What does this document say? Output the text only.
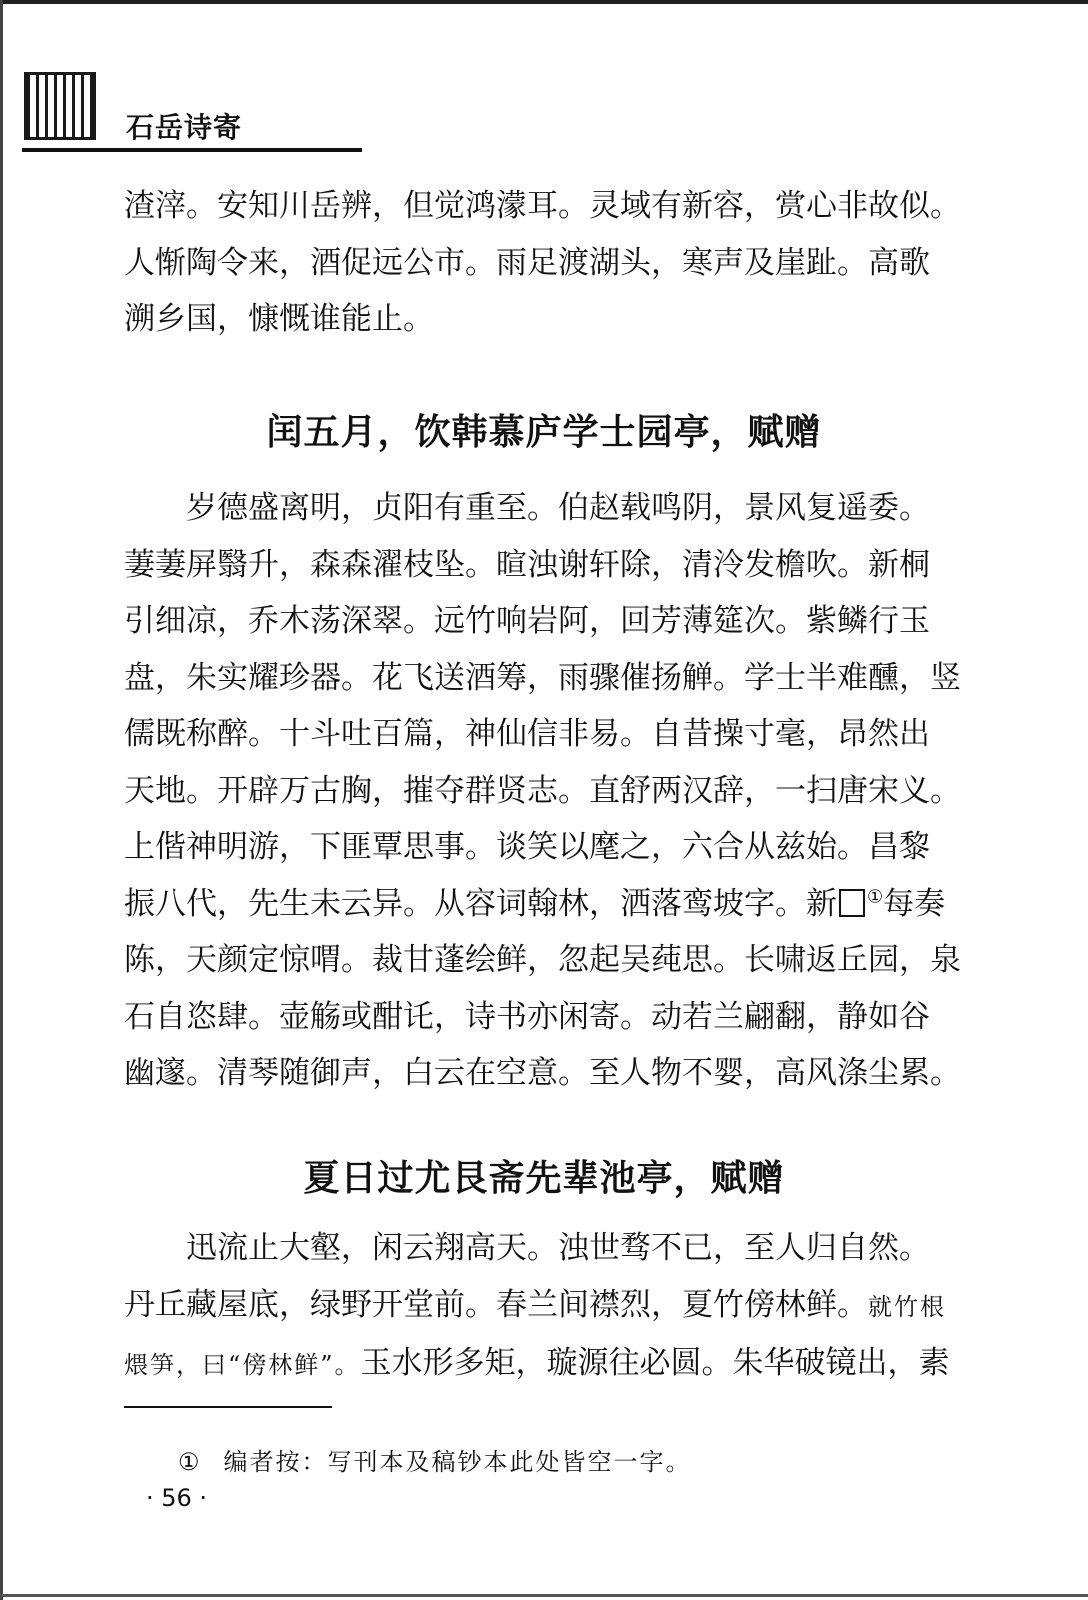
石岳诗寄

渣滓。安知川岳辨，但觉鸿濛耳。灵域有新容，赏心非故似。

人惭陶令来，酒促远公市。雨足渡湖头，寒声及崖趾。高歌

溯乡国，慷慨谁能止。

闰五月，饮韩慕庐学士园亭，赋赠

岁德盛离明，贞阳有重至。伯赵载鸣阴，景风复遥委。

萋萋屏翳升，森森濯枝坠。暄浊谢轩除，清泠发檐吹。新桐

引细凉，乔木荡深翠。远竹响岩阿，回芳薄筵次。紫鳞行玉

盘，朱实耀珍器。花飞送酒筹，雨骤催扬觯。学士半难醺，竖

儒既称醉。十斗吐百篇，神仙信非易。自昔操寸毫，昂然出

天地。开辟万古胸，摧夺群贤志。直舒两汉辞，一扫唐宋义。

上偕神明游，下匪覃思事。谈笑以麾之，六合从兹始。昌黎

振八代，先生未云异。从容词翰林，洒落鸾坡字。新 ①每奏

陈，天颜定惊喟。裁甘蓬绘鲜，忽起吴莼思。长啸返丘园，泉

石自恣肆。壶觞或酣讬，诗书亦闲寄。动若兰翩翻，静如谷

幽邃。清琴随御声，白云在空意。至人物不婴，高风涤尘累。

夏日过尤艮斋先辈池亭，赋赠

迅流止大壑，闲云翔高天。浊世骛不已，至人归自然。

丹丘藏屋底，绿野开堂前。春兰间襟烈，夏竹傍林鲜。就竹根

煨笋，曰“傍林鲜”。玉水形多矩，璇源往必圆。朱华破镜出，素

① 编者按：写刊本及稿钞本此处皆空一字。
· 56 ·
